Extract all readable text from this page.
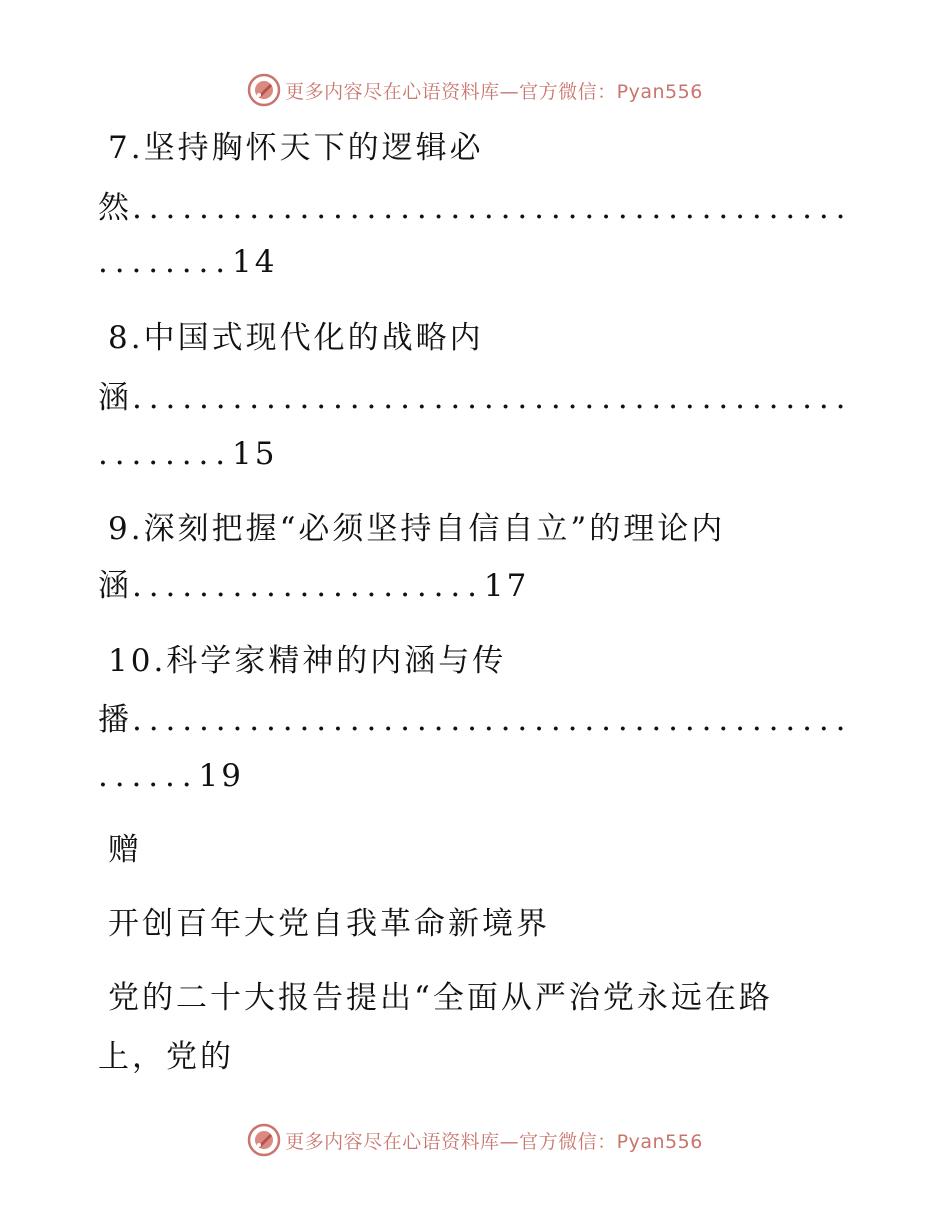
更多内容尽在心语资料库 —官方微信：Pyan556
7.坚持胸怀天下的逻辑必
然...........................................
........14
8.中国式现代化的战略内
涵...........................................
........15
9.深刻把握“必须坚持自信自立”的理论内
涵.....................17
10.科学家精神的内涵与传
播...........................................
......19
赠
开创百年大党自我革命新境界
党的二十大报告提出“全面从严治党永远在路
上，党的
更多内容尽在心语资料库 —官方微信：Pyan556
